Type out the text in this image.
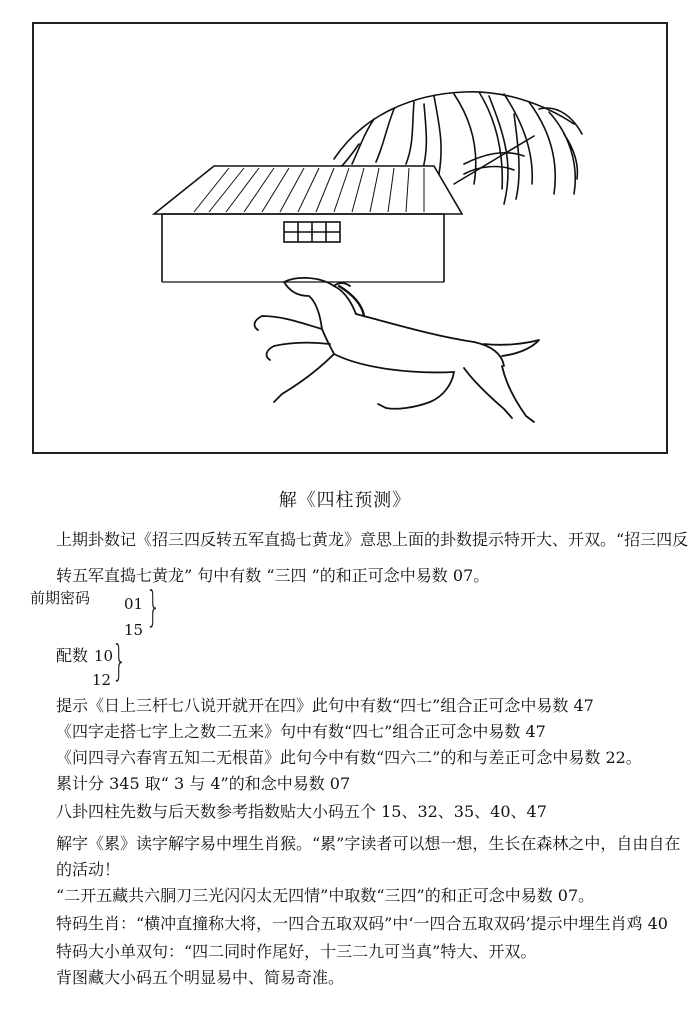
解《四柱预测》
上期卦数记《招三四反转五军直捣七黄龙》意思上面的卦数提示特开大、开双。“招三四反
转五军直捣七黄龙” 句中有数 “三四 ”的和正可念中易数 07。
前期密码 01
15 }
配数 10
12 }
提示《日上三杆七八说开就开在四》此句中有数“四七”组合正可念中易数 47
《四字走搭七字上之数二五来》句中有数“四七”组合正可念中易数 47
《问四寻六春宵五知二无根苗》此句今中有数“四六二”的和与差正可念中易数 22。
累计分 345 取“ 3 与 4”的和念中易数 07
八卦四柱先数与后天数参考指数贴大小码五个 15、32、35、40、47
解字《累》读字解字易中埋生肖猴。“累”字读者可以想一想，生长在森林之中，自由自在
的活动！
“二开五藏共六胴刀三光闪闪太无四情”中取数“三四”的和正可念中易数 07。
特码生肖：“横冲直撞称大将，一四合五取双码”中‘一四合五取双码’提示中埋生肖鸡 40
特码大小单双句：“四二同时作尾好，十三二九可当真”特大、开双。
背图藏大小码五个明显易中、简易奇准。
